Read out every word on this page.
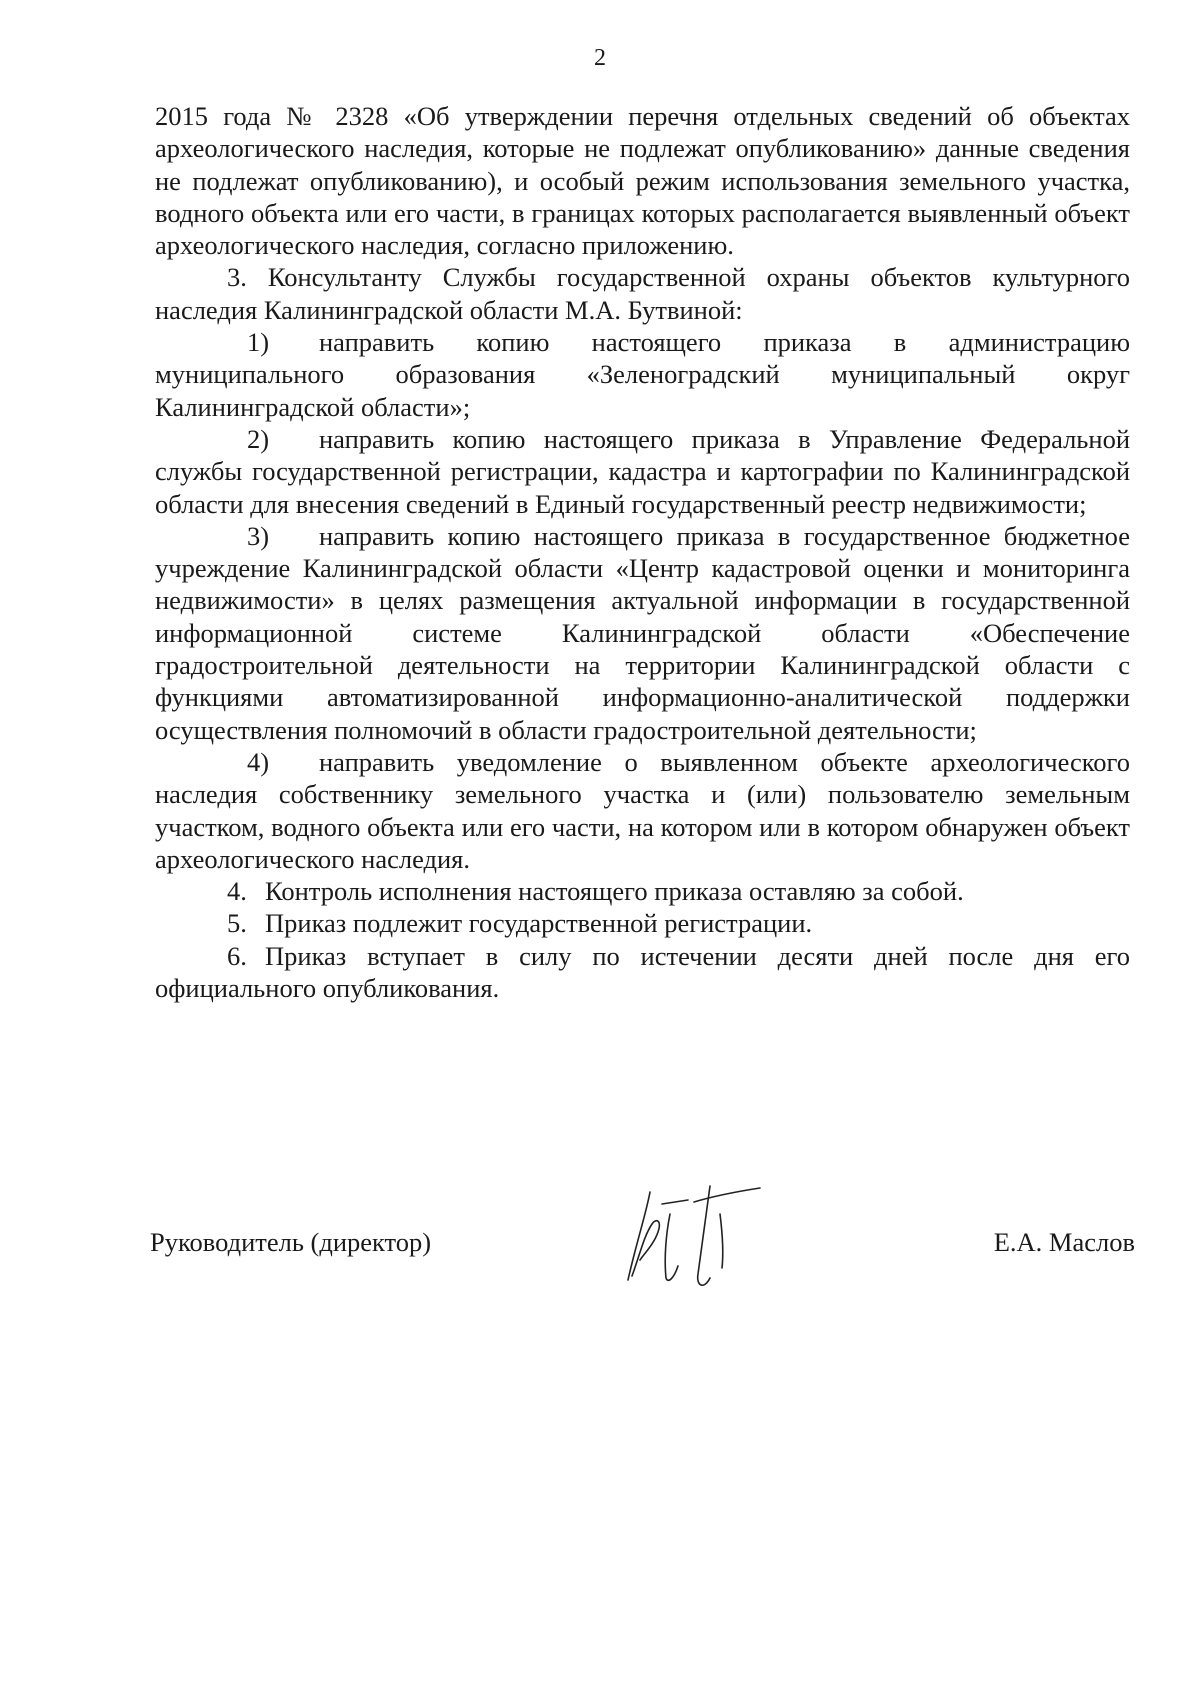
2

2015 года № 2328 «Об утверждении перечня отдельных сведений об объектах археологического наследия, которые не подлежат опубликованию» данные сведения не подлежат опубликованию), и особый режим использования земельного участка, водного объекта или его части, в границах которых располагается выявленный объект археологического наследия, согласно приложению.

3. Консультанту Службы государственной охраны объектов культурного наследия Калининградской области М.А. Бутвиной:

1) направить копию настоящего приказа в администрацию муниципального образования «Зеленоградский муниципальный округ Калининградской области»;

2) направить копию настоящего приказа в Управление Федеральной службы государственной регистрации, кадастра и картографии по Калининградской области для внесения сведений в Единый государственный реестр недвижимости;

3) направить копию настоящего приказа в государственное бюджетное учреждение Калининградской области «Центр кадастровой оценки и мониторинга недвижимости» в целях размещения актуальной информации в государственной информационной системе Калининградской области «Обеспечение градостроительной деятельности на территории Калининградской области с функциями автоматизированной информационно-аналитической поддержки осуществления полномочий в области градостроительной деятельности;

4) направить уведомление о выявленном объекте археологического наследия собственнику земельного участка и (или) пользователю земельным участком, водного объекта или его части, на котором или в котором обнаружен объект археологического наследия.

4. Контроль исполнения настоящего приказа оставляю за собой.

5. Приказ подлежит государственной регистрации.

6. Приказ вступает в силу по истечении десяти дней после дня его официального опубликования.

Руководитель (директор)	Е.А. Маслов
